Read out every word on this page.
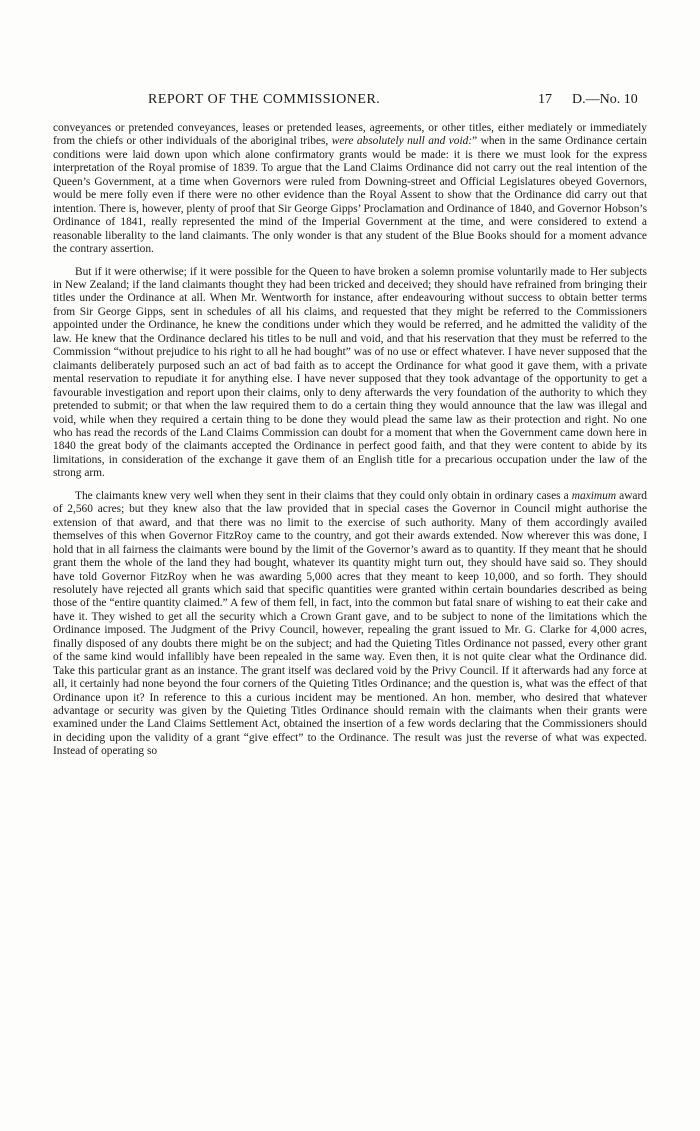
REPORT OF THE COMMISSIONER.	17 D.—No. 10

conveyances or pretended conveyances, leases or pretended leases, agreements, or other titles, either mediately or immediately from the chiefs or other individuals of the aboriginal tribes, were absolutely null and void:” when in the same Ordinance certain conditions were laid down upon which alone confirmatory grants would be made: it is there we must look for the express interpretation of the Royal promise of 1839. To argue that the Land Claims Ordinance did not carry out the real intention of the Queen’s Government, at a time when Governors were ruled from Downing-street and Official Legislatures obeyed Governors, would be mere folly even if there were no other evidence than the Royal Assent to show that the Ordinance did carry out that intention. There is, however, plenty of proof that Sir George Gipps’ Proclamation and Ordinance of 1840, and Governor Hobson’s Ordinance of 1841, really represented the mind of the Imperial Government at the time, and were considered to extend a reasonable liberality to the land claimants. The only wonder is that any student of the Blue Books should for a moment advance the contrary assertion.

But if it were otherwise; if it were possible for the Queen to have broken a solemn promise voluntarily made to Her subjects in New Zealand; if the land claimants thought they had been tricked and deceived; they should have refrained from bringing their titles under the Ordinance at all. When Mr. Wentworth for instance, after endeavouring without success to obtain better terms from Sir George Gipps, sent in schedules of all his claims, and requested that they might be referred to the Commissioners appointed under the Ordinance, he knew the conditions under which they would be referred, and he admitted the validity of the law. He knew that the Ordinance declared his titles to be null and void, and that his reservation that they must be referred to the Commission “without prejudice to his right to all he had bought” was of no use or effect whatever. I have never supposed that the claimants deliberately purposed such an act of bad faith as to accept the Ordinance for what good it gave them, with a private mental reservation to repudiate it for anything else. I have never supposed that they took advantage of the opportunity to get a favourable investigation and report upon their claims, only to deny afterwards the very foundation of the authority to which they pretended to submit; or that when the law required them to do a certain thing they would announce that the law was illegal and void, while when they required a certain thing to be done they would plead the same law as their protection and right. No one who has read the records of the Land Claims Commission can doubt for a moment that when the Government came down here in 1840 the great body of the claimants accepted the Ordinance in perfect good faith, and that they were content to abide by its limitations, in consideration of the exchange it gave them of an English title for a precarious occupation under the law of the strong arm.

The claimants knew very well when they sent in their claims that they could only obtain in ordinary cases a maximum award of 2,560 acres; but they knew also that the law provided that in special cases the Governor in Council might authorise the extension of that award, and that there was no limit to the exercise of such authority. Many of them accordingly availed themselves of this when Governor FitzRoy came to the country, and got their awards extended. Now wherever this was done, I hold that in all fairness the claimants were bound by the limit of the Governor’s award as to quantity. If they meant that he should grant them the whole of the land they had bought, whatever its quantity might turn out, they should have said so. They should have told Governor FitzRoy when he was awarding 5,000 acres that they meant to keep 10,000, and so forth. They should resolutely have rejected all grants which said that specific quantities were granted within certain boundaries described as being those of the “entire quantity claimed.” A few of them fell, in fact, into the common but fatal snare of wishing to eat their cake and have it. They wished to get all the security which a Crown Grant gave, and to be subject to none of the limitations which the Ordinance imposed. The Judgment of the Privy Council, however, repealing the grant issued to Mr. G. Clarke for 4,000 acres, finally disposed of any doubts there might be on the subject; and had the Quieting Titles Ordinance not passed, every other grant of the same kind would infallibly have been repealed in the same way. Even then, it is not quite clear what the Ordinance did. Take this particular grant as an instance. The grant itself was declared void by the Privy Council. If it afterwards had any force at all, it certainly had none beyond the four corners of the Quieting Titles Ordinance; and the question is, what was the effect of that Ordinance upon it? In reference to this a curious incident may be mentioned. An hon. member, who desired that whatever advantage or security was given by the Quieting Titles Ordinance should remain with the claimants when their grants were examined under the Land Claims Settlement Act, obtained the insertion of a few words declaring that the Commissioners should in deciding upon the validity of a grant “give effect” to the Ordinance. The result was just the reverse of what was expected. Instead of operating so
